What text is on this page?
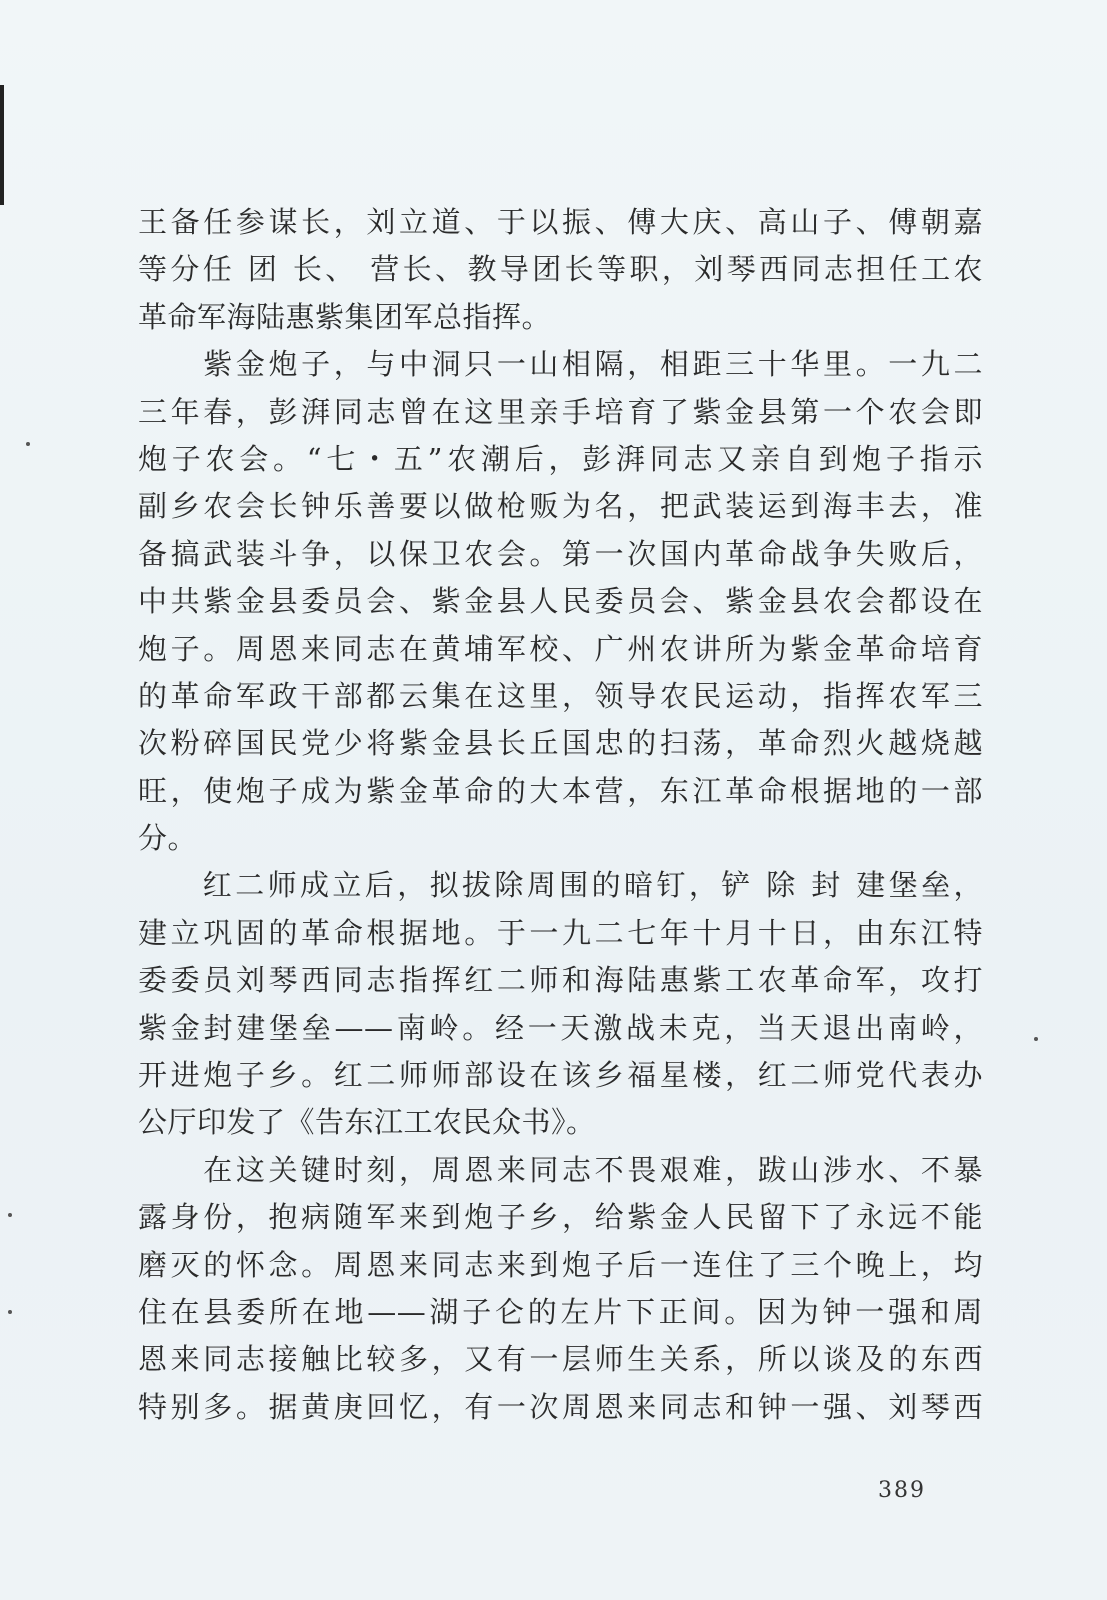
王备任参谋长，刘立道、于以振、傅大庆、高山子、傅朝嘉
等分任 团 长、 营长、教导团长等职，刘琴西同志担任工农
革命军海陆惠紫集团军总指挥。
　　紫金炮子，与中洞只一山相隔，相距三十华里。一九二
三年春，彭湃同志曾在这里亲手培育了紫金县第一个农会即
炮子农会。“七・五”农潮后，彭湃同志又亲自到炮子指示
副乡农会长钟乐善要以做枪贩为名，把武装运到海丰去，准
备搞武装斗争，以保卫农会。第一次国内革命战争失败后，
中共紫金县委员会、紫金县人民委员会、紫金县农会都设在
炮子。周恩来同志在黄埔军校、广州农讲所为紫金革命培育
的革命军政干部都云集在这里，领导农民运动，指挥农军三
次粉碎国民党少将紫金县长丘国忠的扫荡，革命烈火越烧越
旺，使炮子成为紫金革命的大本营，东江革命根据地的一部
分。
　　红二师成立后，拟拔除周围的暗钉，铲 除 封 建堡垒，
建立巩固的革命根据地。于一九二七年十月十日，由东江特
委委员刘琴西同志指挥红二师和海陆惠紫工农革命军，攻打
紫金封建堡垒——南岭。经一天激战未克，当天退出南岭，
开进炮子乡。红二师师部设在该乡福星楼，红二师党代表办
公厅印发了《告东江工农民众书》。
　　在这关键时刻，周恩来同志不畏艰难，跋山涉水、不暴
露身份，抱病随军来到炮子乡，给紫金人民留下了永远不能
磨灭的怀念。周恩来同志来到炮子后一连住了三个晚上，均
住在县委所在地——湖子仑的左片下正间。因为钟一强和周
恩来同志接触比较多，又有一层师生关系，所以谈及的东西
特别多。据黄庚回忆，有一次周恩来同志和钟一强、刘琴西
389
